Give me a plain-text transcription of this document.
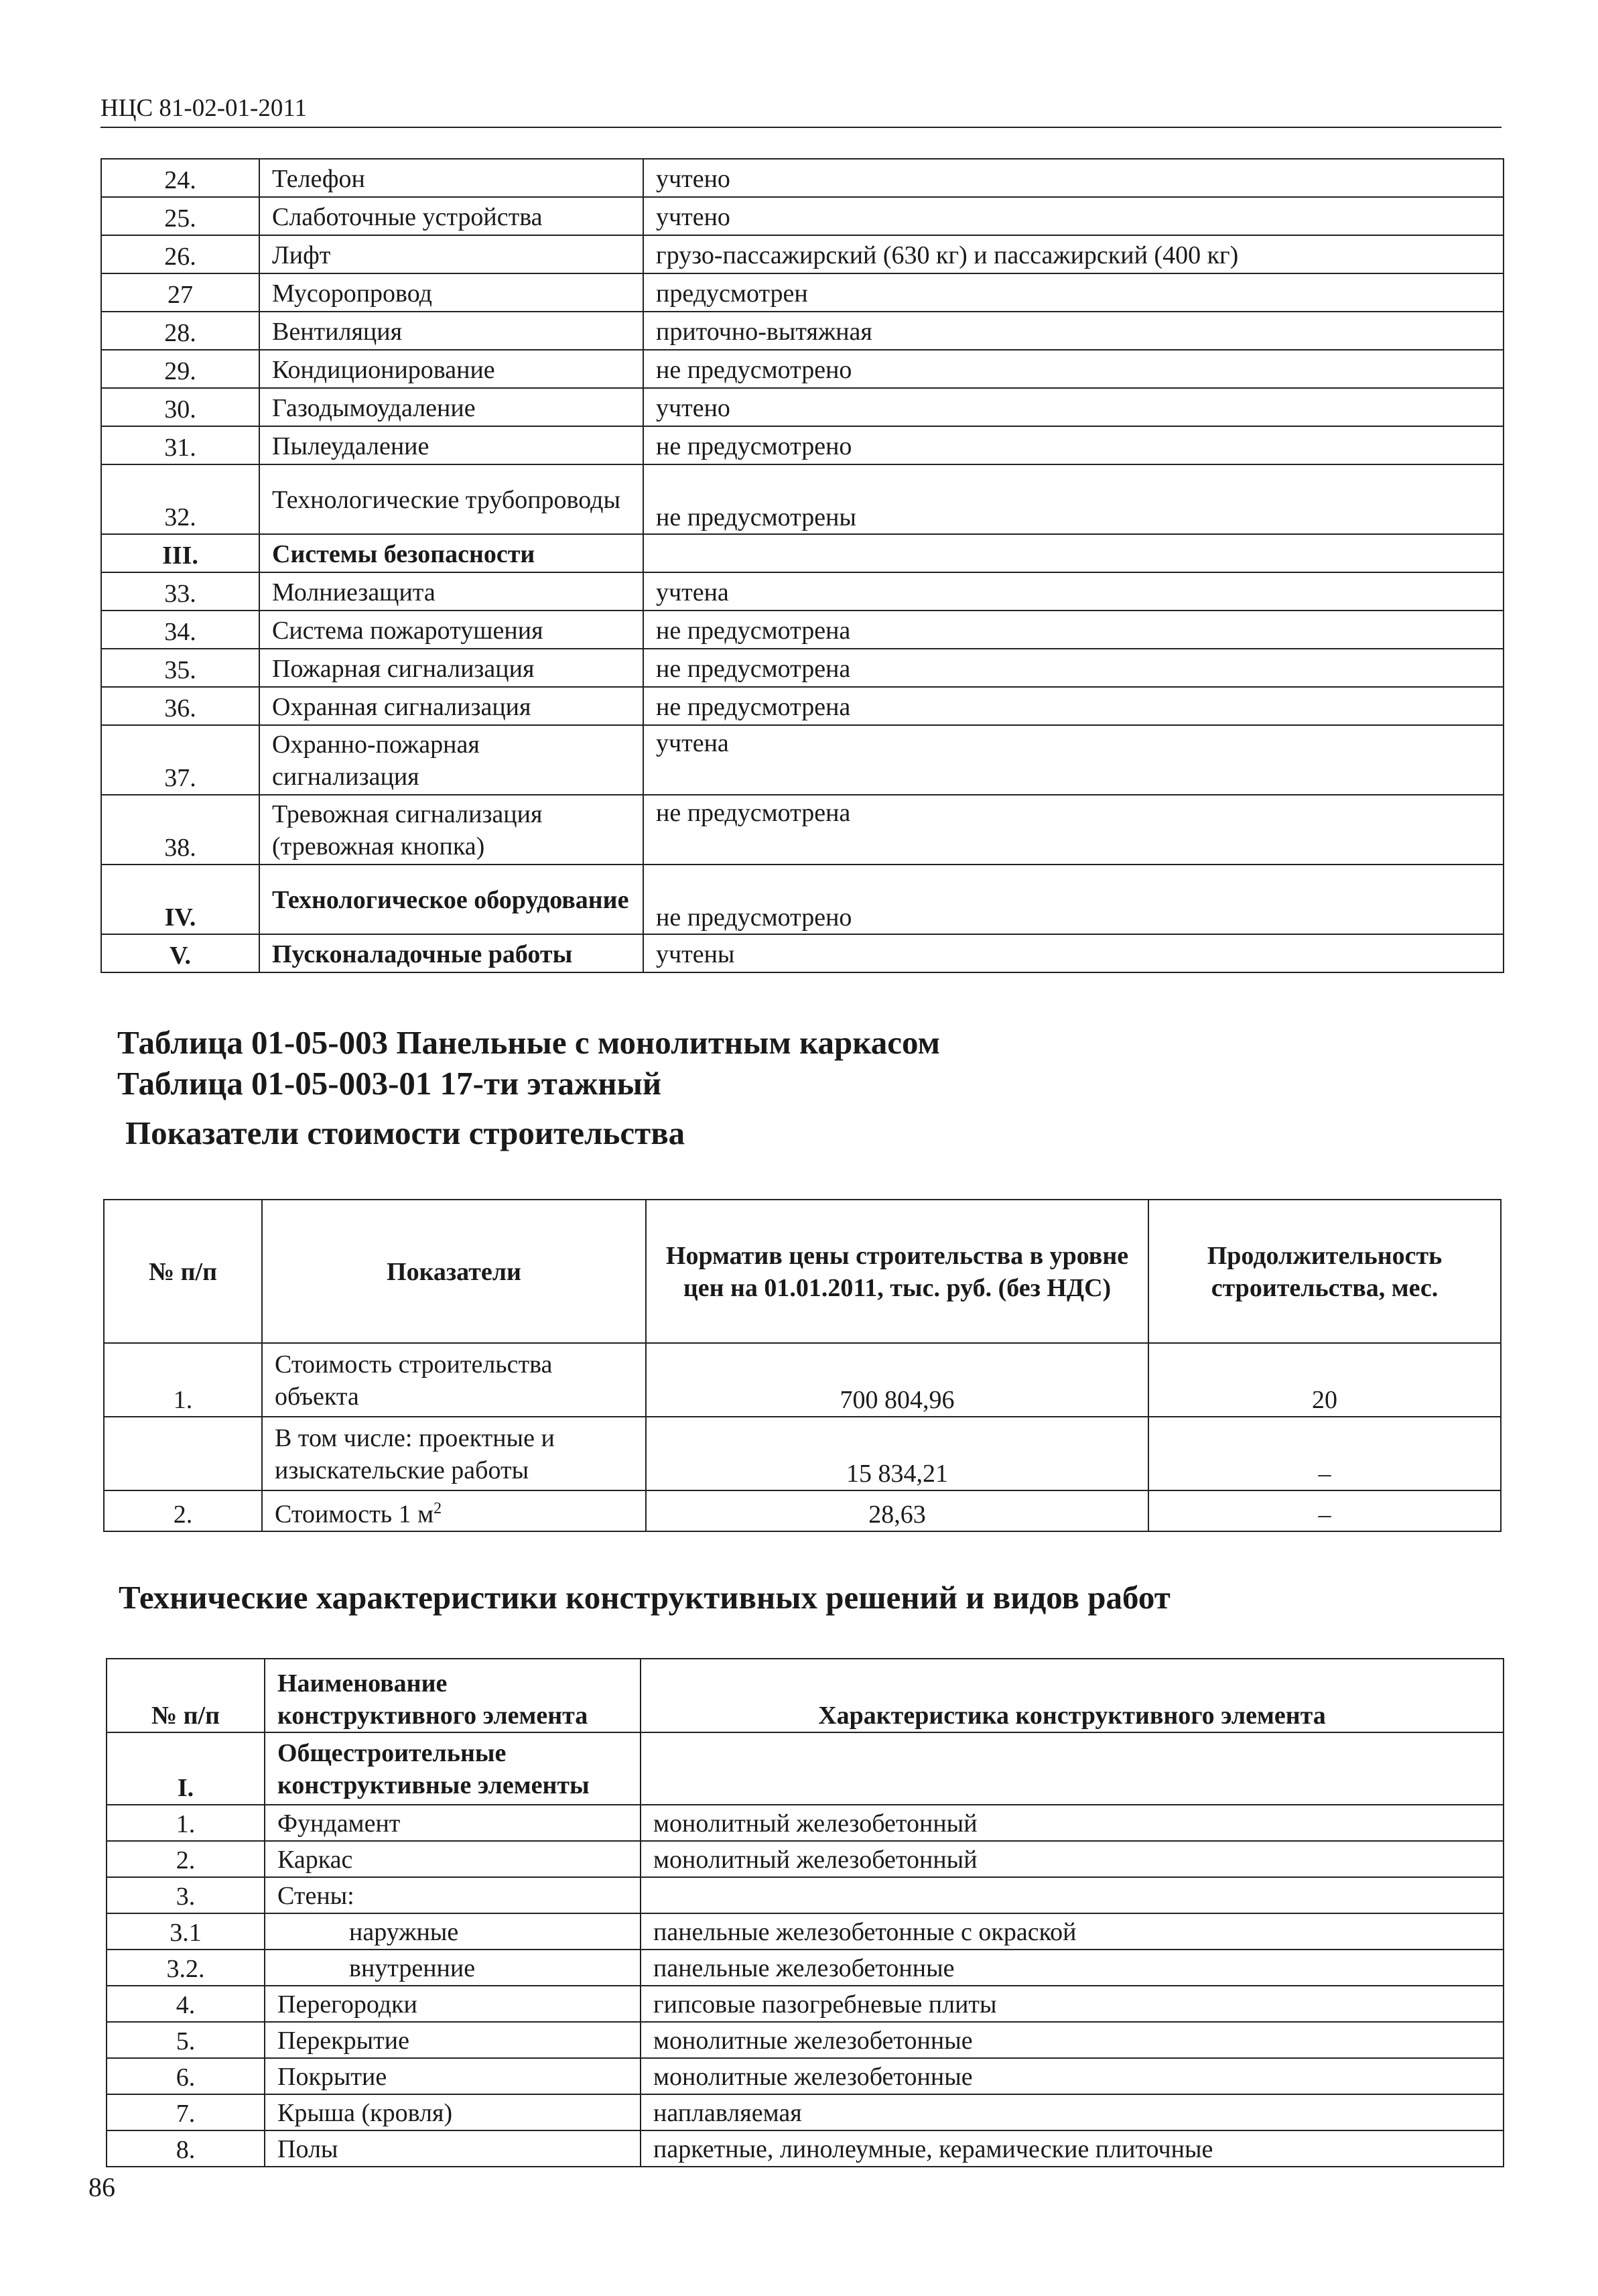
НЦС 81-02-01-2011
24.	Телефон	учтено
25.	Слаботочные устройства	учтено
26.	Лифт	грузо-пассажирский (630 кг) и пассажирский (400 кг)
27	Мусоропровод	предусмотрен
28.	Вентиляция	приточно-вытяжная
29.	Кондиционирование	не предусмотрено
30.	Газодымоудаление	учтено
31.	Пылеудаление	не предусмотрено
32.	Технологические трубопроводы	не предусмотрены
III.	Системы безопасности	
33.	Молниезащита	учтена
34.	Система пожаротушения	не предусмотрена
35.	Пожарная сигнализация	не предусмотрена
36.	Охранная сигнализация	не предусмотрена
37.	Охранно-пожарная сигнализация	учтена
38.	Тревожная сигнализация (тревожная кнопка)	не предусмотрена
IV.	Технологическое оборудование	не предусмотрено
V.	Пусконаладочные работы	учтены
Таблица 01-05-003 Панельные с монолитным каркасом
Таблица 01-05-003-01 17-ти этажный
Показатели стоимости строительства
№ п/п	Показатели	Норматив цены строительства в уровне цен на 01.01.2011, тыс. руб. (без НДС)	Продолжительность строительства, мес.
1.	Стоимость строительства объекта	700 804,96	20
	В том числе: проектные и изыскательские работы	15 834,21	–
2.	Стоимость 1 $м^2$	28,63	–
Технические характеристики конструктивных решений и видов работ
№ п/п	Наименование конструктивного элемента	Характеристика конструктивного элемента
I.	Общестроительные конструктивные элементы	
1.	Фундамент	монолитный железобетонный
2.	Каркас	монолитный железобетонный
3.	Стены:	
3.1	наружные	панельные железобетонные с окраской
3.2.	внутренние	панельные железобетонные
4.	Перегородки	гипсовые пазогребневые плиты
5.	Перекрытие	монолитные железобетонные
6.	Покрытие	монолитные железобетонные
7.	Крыша (кровля)	наплавляемая
8.	Полы	паркетные, линолеумные, керамические плиточные
86
